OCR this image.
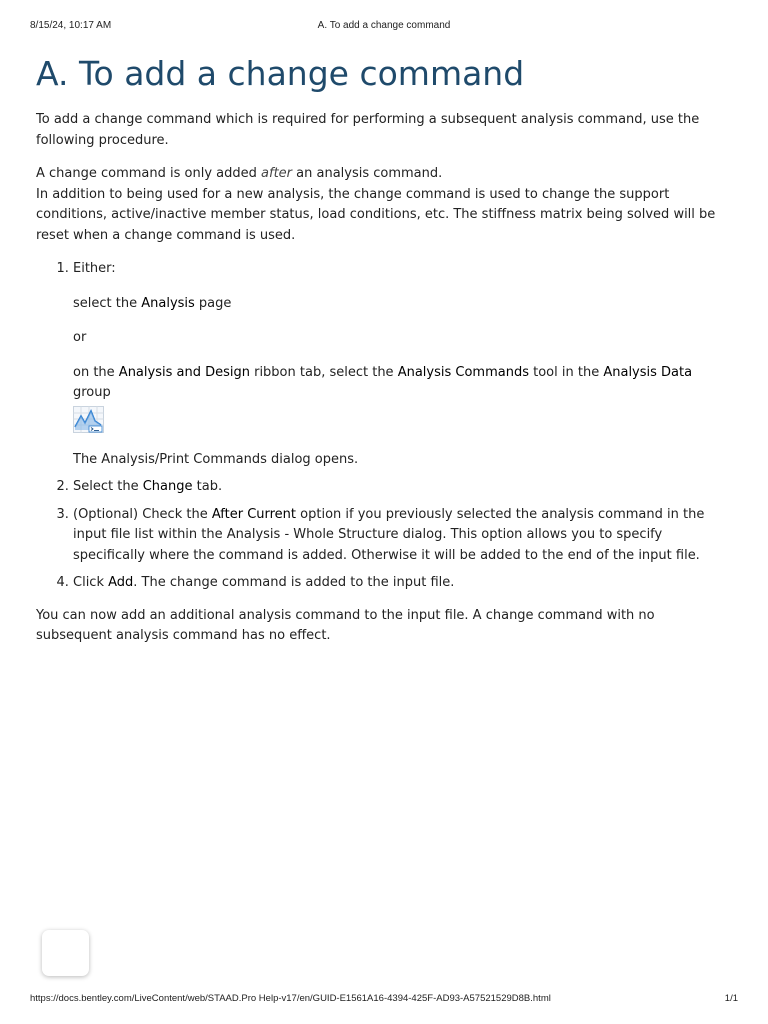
8/15/24, 10:17 AM	A. To add a change command
A. To add a change command

To add a change command which is required for performing a subsequent analysis command, use the following procedure.

A change command is only added after an analysis command.
In addition to being used for a new analysis, the change command is used to change the support conditions, active/inactive member status, load conditions, etc. The stiffness matrix being solved will be reset when a change command is used.

1. Either:

select the Analysis page

or

on the Analysis and Design ribbon tab, select the Analysis Commands tool in the Analysis Data group

The Analysis/Print Commands dialog opens.

2. Select the Change tab.
3. (Optional) Check the After Current option if you previously selected the analysis command in the input file list within the Analysis - Whole Structure dialog. This option allows you to specify specifically where the command is added. Otherwise it will be added to the end of the input file.
4. Click Add. The change command is added to the input file.

You can now add an additional analysis command to the input file. A change command with no subsequent analysis command has no effect.

https://docs.bentley.com/LiveContent/web/STAAD.Pro Help-v17/en/GUID-E1561A16-4394-425F-AD93-A57521529D8B.html	1/1
